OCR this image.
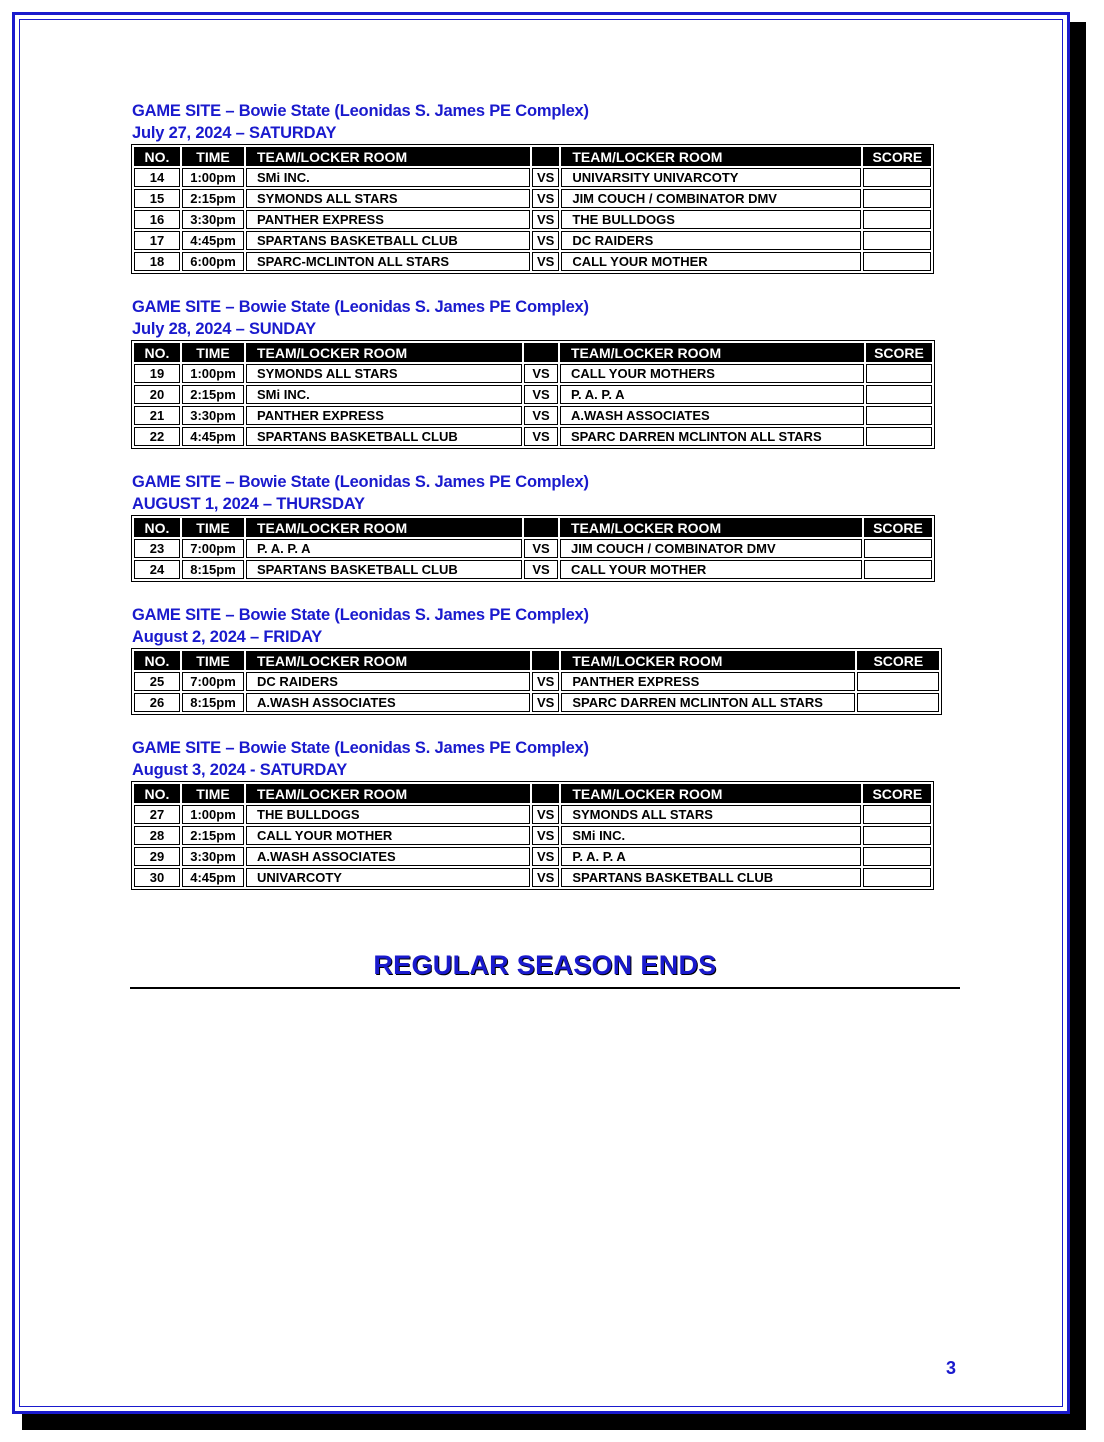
GAME SITE – Bowie State (Leonidas S. James PE Complex)
July 27, 2024 – SATURDAY
NO.	TIME	TEAM/LOCKER ROOM		TEAM/LOCKER ROOM	SCORE
14	1:00pm	SMi INC.	VS	UNIVARSITY UNIVARCOTY	
15	2:15pm	SYMONDS ALL STARS	VS	JIM COUCH / COMBINATOR DMV	
16	3:30pm	PANTHER EXPRESS	VS	THE BULLDOGS	
17	4:45pm	SPARTANS BASKETBALL CLUB	VS	DC RAIDERS	
18	6:00pm	SPARC-MCLINTON ALL STARS	VS	CALL YOUR MOTHER	
GAME SITE – Bowie State (Leonidas S. James PE Complex)
July 28, 2024 – SUNDAY
NO.	TIME	TEAM/LOCKER ROOM		TEAM/LOCKER ROOM	SCORE
19	1:00pm	SYMONDS ALL STARS	VS	CALL YOUR MOTHERS	
20	2:15pm	SMi INC.	VS	P. A. P. A	
21	3:30pm	PANTHER EXPRESS	VS	A.WASH ASSOCIATES	
22	4:45pm	SPARTANS BASKETBALL CLUB	VS	SPARC DARREN MCLINTON ALL STARS	
GAME SITE – Bowie State (Leonidas S. James PE Complex)
AUGUST 1, 2024 – THURSDAY
NO.	TIME	TEAM/LOCKER ROOM		TEAM/LOCKER ROOM	SCORE
23	7:00pm	P. A. P. A	VS	JIM COUCH / COMBINATOR DMV	
24	8:15pm	SPARTANS BASKETBALL CLUB	VS	CALL YOUR MOTHER	
GAME SITE – Bowie State (Leonidas S. James PE Complex)
August 2, 2024 – FRIDAY
NO.	TIME	TEAM/LOCKER ROOM		TEAM/LOCKER ROOM	SCORE
25	7:00pm	DC RAIDERS	VS	PANTHER EXPRESS	
26	8:15pm	A.WASH ASSOCIATES	VS	SPARC DARREN MCLINTON ALL STARS	
GAME SITE – Bowie State (Leonidas S. James PE Complex)
August 3, 2024 - SATURDAY
NO.	TIME	TEAM/LOCKER ROOM		TEAM/LOCKER ROOM	SCORE
27	1:00pm	THE BULLDOGS	VS	SYMONDS ALL STARS	
28	2:15pm	CALL YOUR MOTHER	VS	SMi INC.	
29	3:30pm	A.WASH ASSOCIATES	VS	P. A. P. A	
30	4:45pm	UNIVARCOTY	VS	SPARTANS BASKETBALL CLUB	
REGULAR SEASON ENDS
3
